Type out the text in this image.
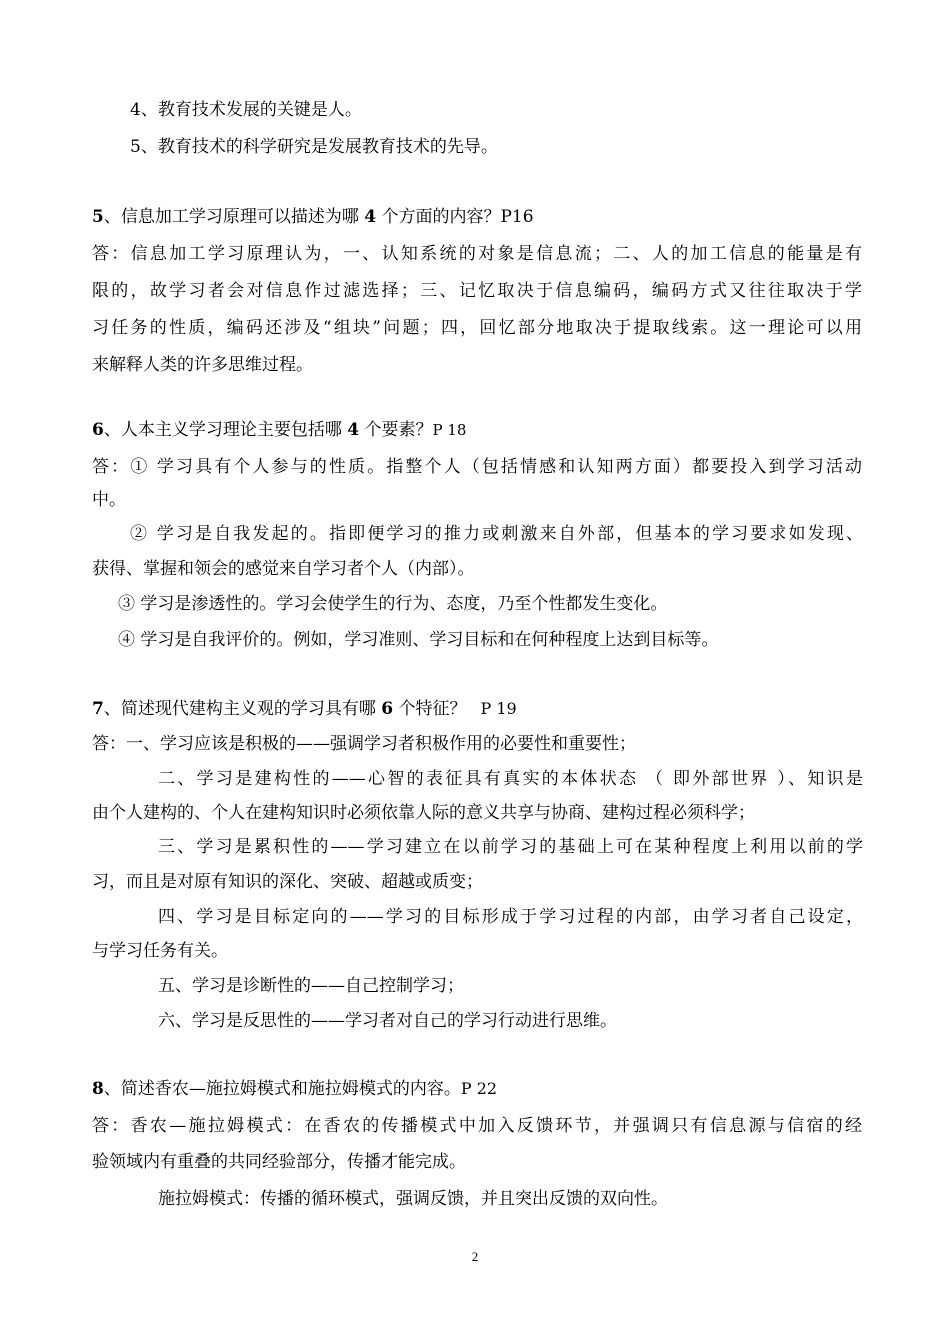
4、教育技术发展的关键是人。
5、教育技术的科学研究是发展教育技术的先导。
5、信息加工学习原理可以描述为哪 4 个方面的内容？P16
答：信息加工学习原理认为，一、认知系统的对象是信息流；二、人的加工信息的能量是有
限的，故学习者会对信息作过滤选择；三、记忆取决于信息编码，编码方式又往往取决于学
习任务的性质，编码还涉及“组块”问题；四，回忆部分地取决于提取线索。这一理论可以用
来解释人类的许多思维过程。
6、人本主义学习理论主要包括哪 4 个要素？P 18
答：① 学习具有个人参与的性质。指整个人（包括情感和认知两方面）都要投入到学习活动
中。
② 学习是自我发起的。指即便学习的推力或刺激来自外部，但基本的学习要求如发现、
获得、掌握和领会的感觉来自学习者个人（内部）。
③ 学习是渗透性的。学习会使学生的行为、态度，乃至个性都发生变化。
④ 学习是自我评价的。例如，学习准则、学习目标和在何种程度上达到目标等。
7、简述现代建构主义观的学习具有哪 6 个特征？ P 19
答：一、学习应该是积极的——强调学习者积极作用的必要性和重要性；
二、学习是建构性的——心智的表征具有真实的本体状态 （ 即外部世界 ）、知识是
由个人建构的、个人在建构知识时必须依靠人际的意义共享与协商、建构过程必须科学；
三、学习是累积性的——学习建立在以前学习的基础上可在某种程度上利用以前的学
习，而且是对原有知识的深化、突破、超越或质变；
四、学习是目标定向的——学习的目标形成于学习过程的内部，由学习者自己设定，
与学习任务有关。
五、学习是诊断性的——自己控制学习；
六、学习是反思性的——学习者对自己的学习行动进行思维。
8、简述香农—施拉姆模式和施拉姆模式的内容。P 22
答：香农—施拉姆模式：在香农的传播模式中加入反馈环节，并强调只有信息源与信宿的经
验领域内有重叠的共同经验部分，传播才能完成。
施拉姆模式：传播的循环模式，强调反馈，并且突出反馈的双向性。
2
